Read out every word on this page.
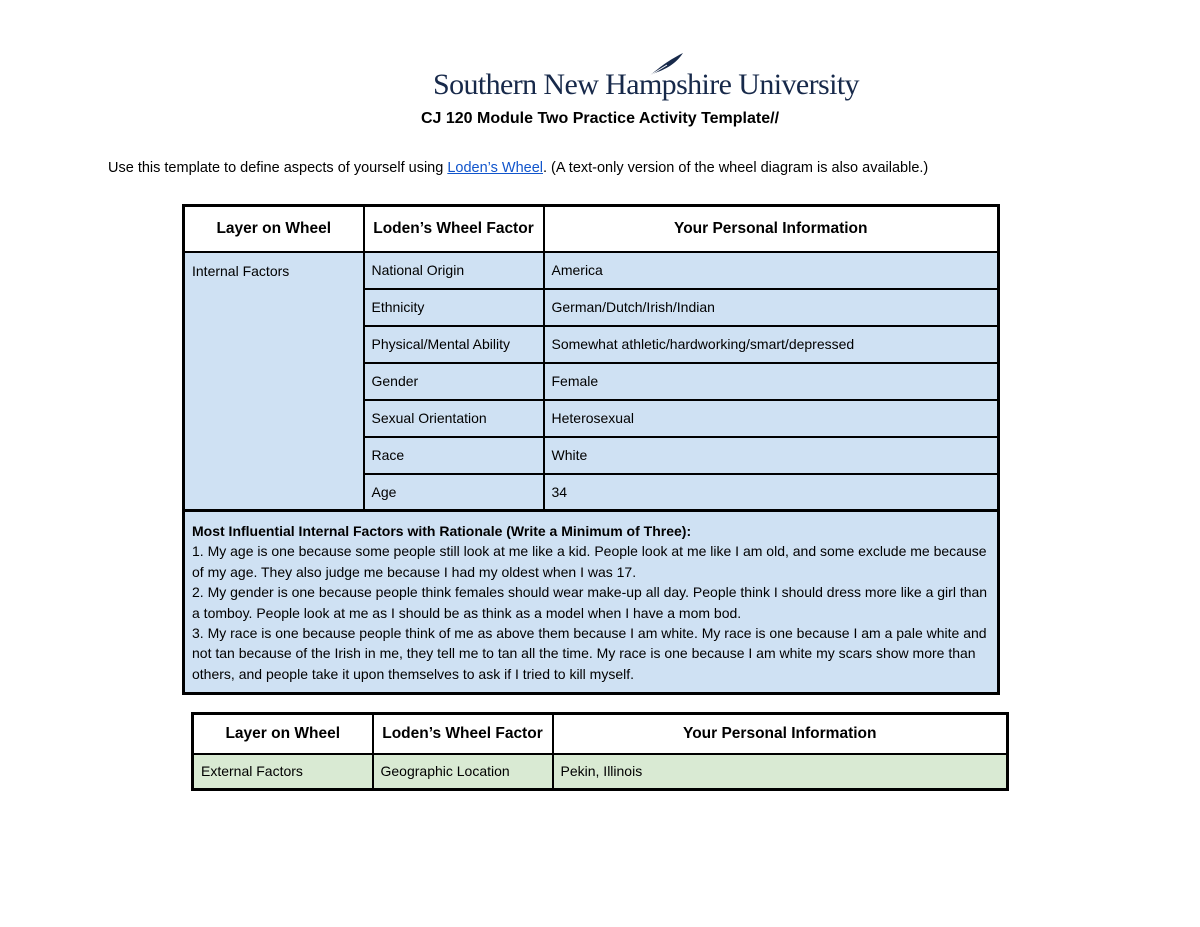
Southern New Hampshire University
CJ 120 Module Two Practice Activity Template//
Use this template to define aspects of yourself using Loden’s Wheel. (A text-only version of the wheel diagram is also available.)
Layer on Wheel	Loden’s Wheel Factor	Your Personal Information
Internal Factors	National Origin	America
	Ethnicity	German/Dutch/Irish/Indian
	Physical/Mental Ability	Somewhat athletic/hardworking/smart/depressed
	Gender	Female
	Sexual Orientation	Heterosexual
	Race	White
	Age	34

Most Influential Internal Factors with Rationale (Write a Minimum of Three):
1. My age is one because some people still look at me like a kid. People look at me like I am old, and some exclude me because of my age. They also judge me because I had my oldest when I was 17.
2. My gender is one because people think females should wear make-up all day. People think I should dress more like a girl than a tomboy. People look at me as I should be as think as a model when I have a mom bod.
3. My race is one because people think of me as above them because I am white. My race is one because I am a pale white and not tan because of the Irish in me, they tell me to tan all the time. My race is one because I am white my scars show more than others, and people take it upon themselves to ask if I tried to kill myself.		
Layer on Wheel	Loden’s Wheel Factor	Your Personal Information
External Factors	Geographic Location	Pekin, Illinois
